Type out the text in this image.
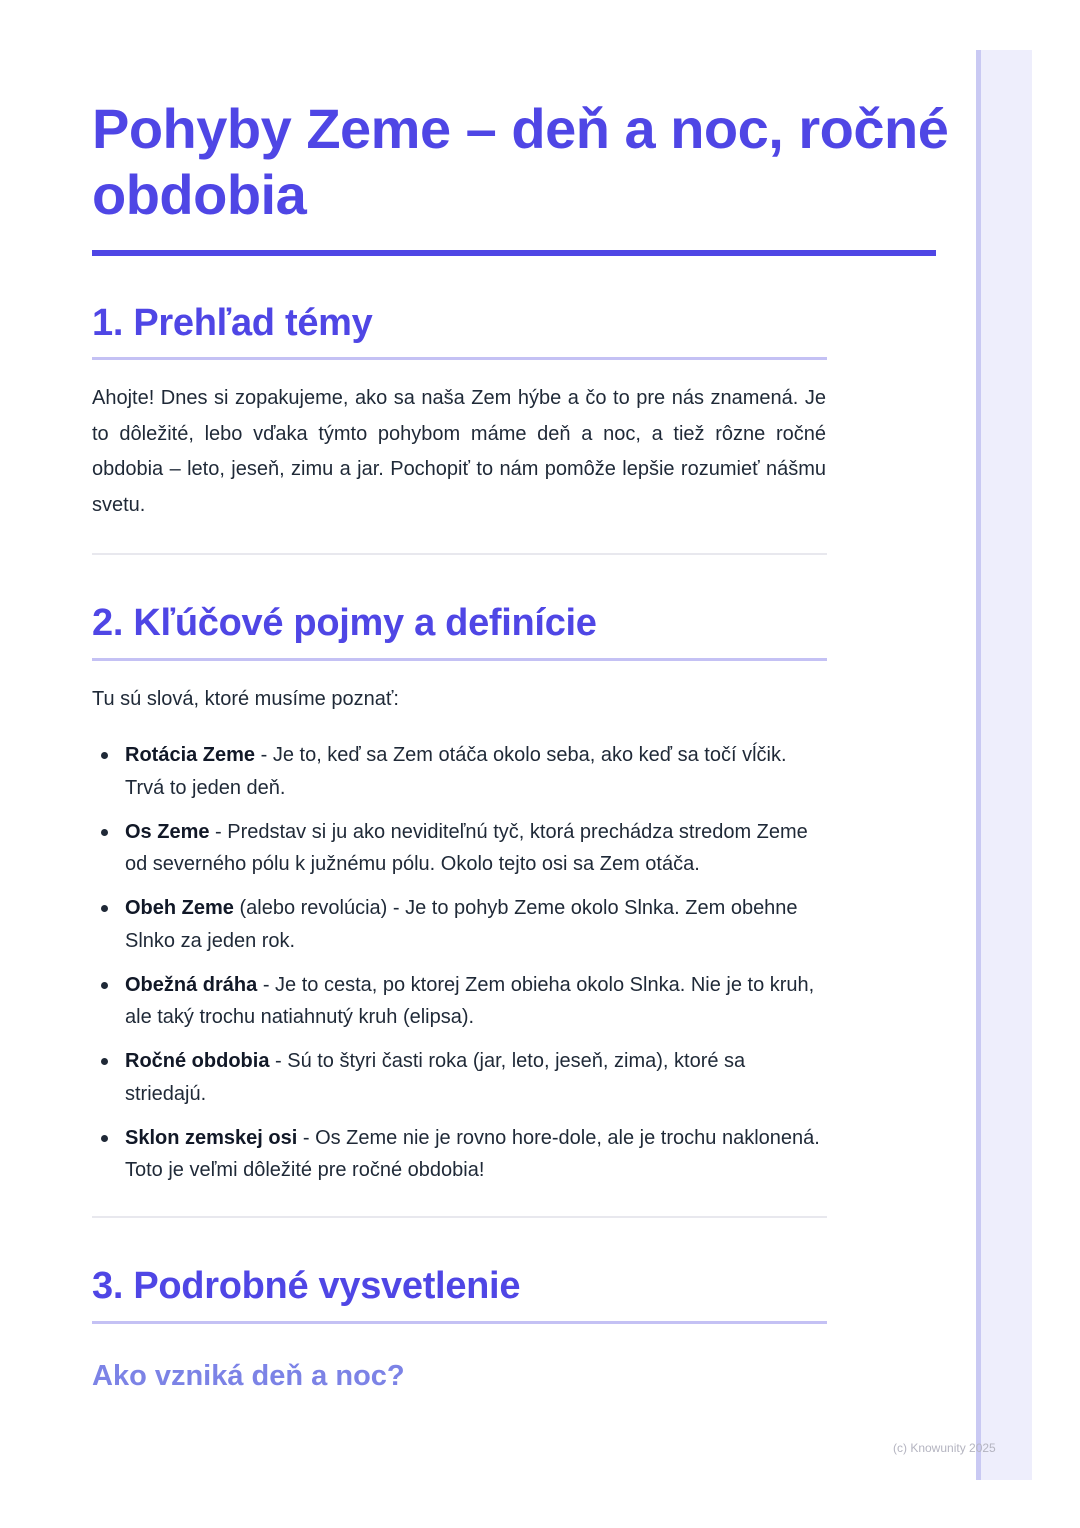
Pohyby Zeme – deň a noc, ročné obdobia
1. Prehľad témy

Ahojte! Dnes si zopakujeme, ako sa naša Zem hýbe a čo to pre nás znamená. Je to dôležité, lebo vďaka týmto pohybom máme deň a noc, a tiež rôzne ročné obdobia – leto, jeseň, zimu a jar. Pochopiť to nám pomôže lepšie rozumieť nášmu svetu.

2. Kľúčové pojmy a definície

Tu sú slová, ktoré musíme poznať:

Rotácia Zeme - Je to, keď sa Zem otáča okolo seba, ako keď sa točí vĺčik. Trvá to jeden deň.
Os Zeme - Predstav si ju ako neviditeľnú tyč, ktorá prechádza stredom Zeme od severného pólu k južnému pólu. Okolo tejto osi sa Zem otáča.
Obeh Zeme (alebo revolúcia) - Je to pohyb Zeme okolo Slnka. Zem obehne Slnko za jeden rok.
Obežná dráha - Je to cesta, po ktorej Zem obieha okolo Slnka. Nie je to kruh, ale taký trochu natiahnutý kruh (elipsa).
Ročné obdobia - Sú to štyri časti roka (jar, leto, jeseň, zima), ktoré sa striedajú.
Sklon zemskej osi - Os Zeme nie je rovno hore-dole, ale je trochu naklonená. Toto je veľmi dôležité pre ročné obdobia!
3. Podrobné vysvetlenie
Ako vzniká deň a noc?
(c) Knowunity 2025
